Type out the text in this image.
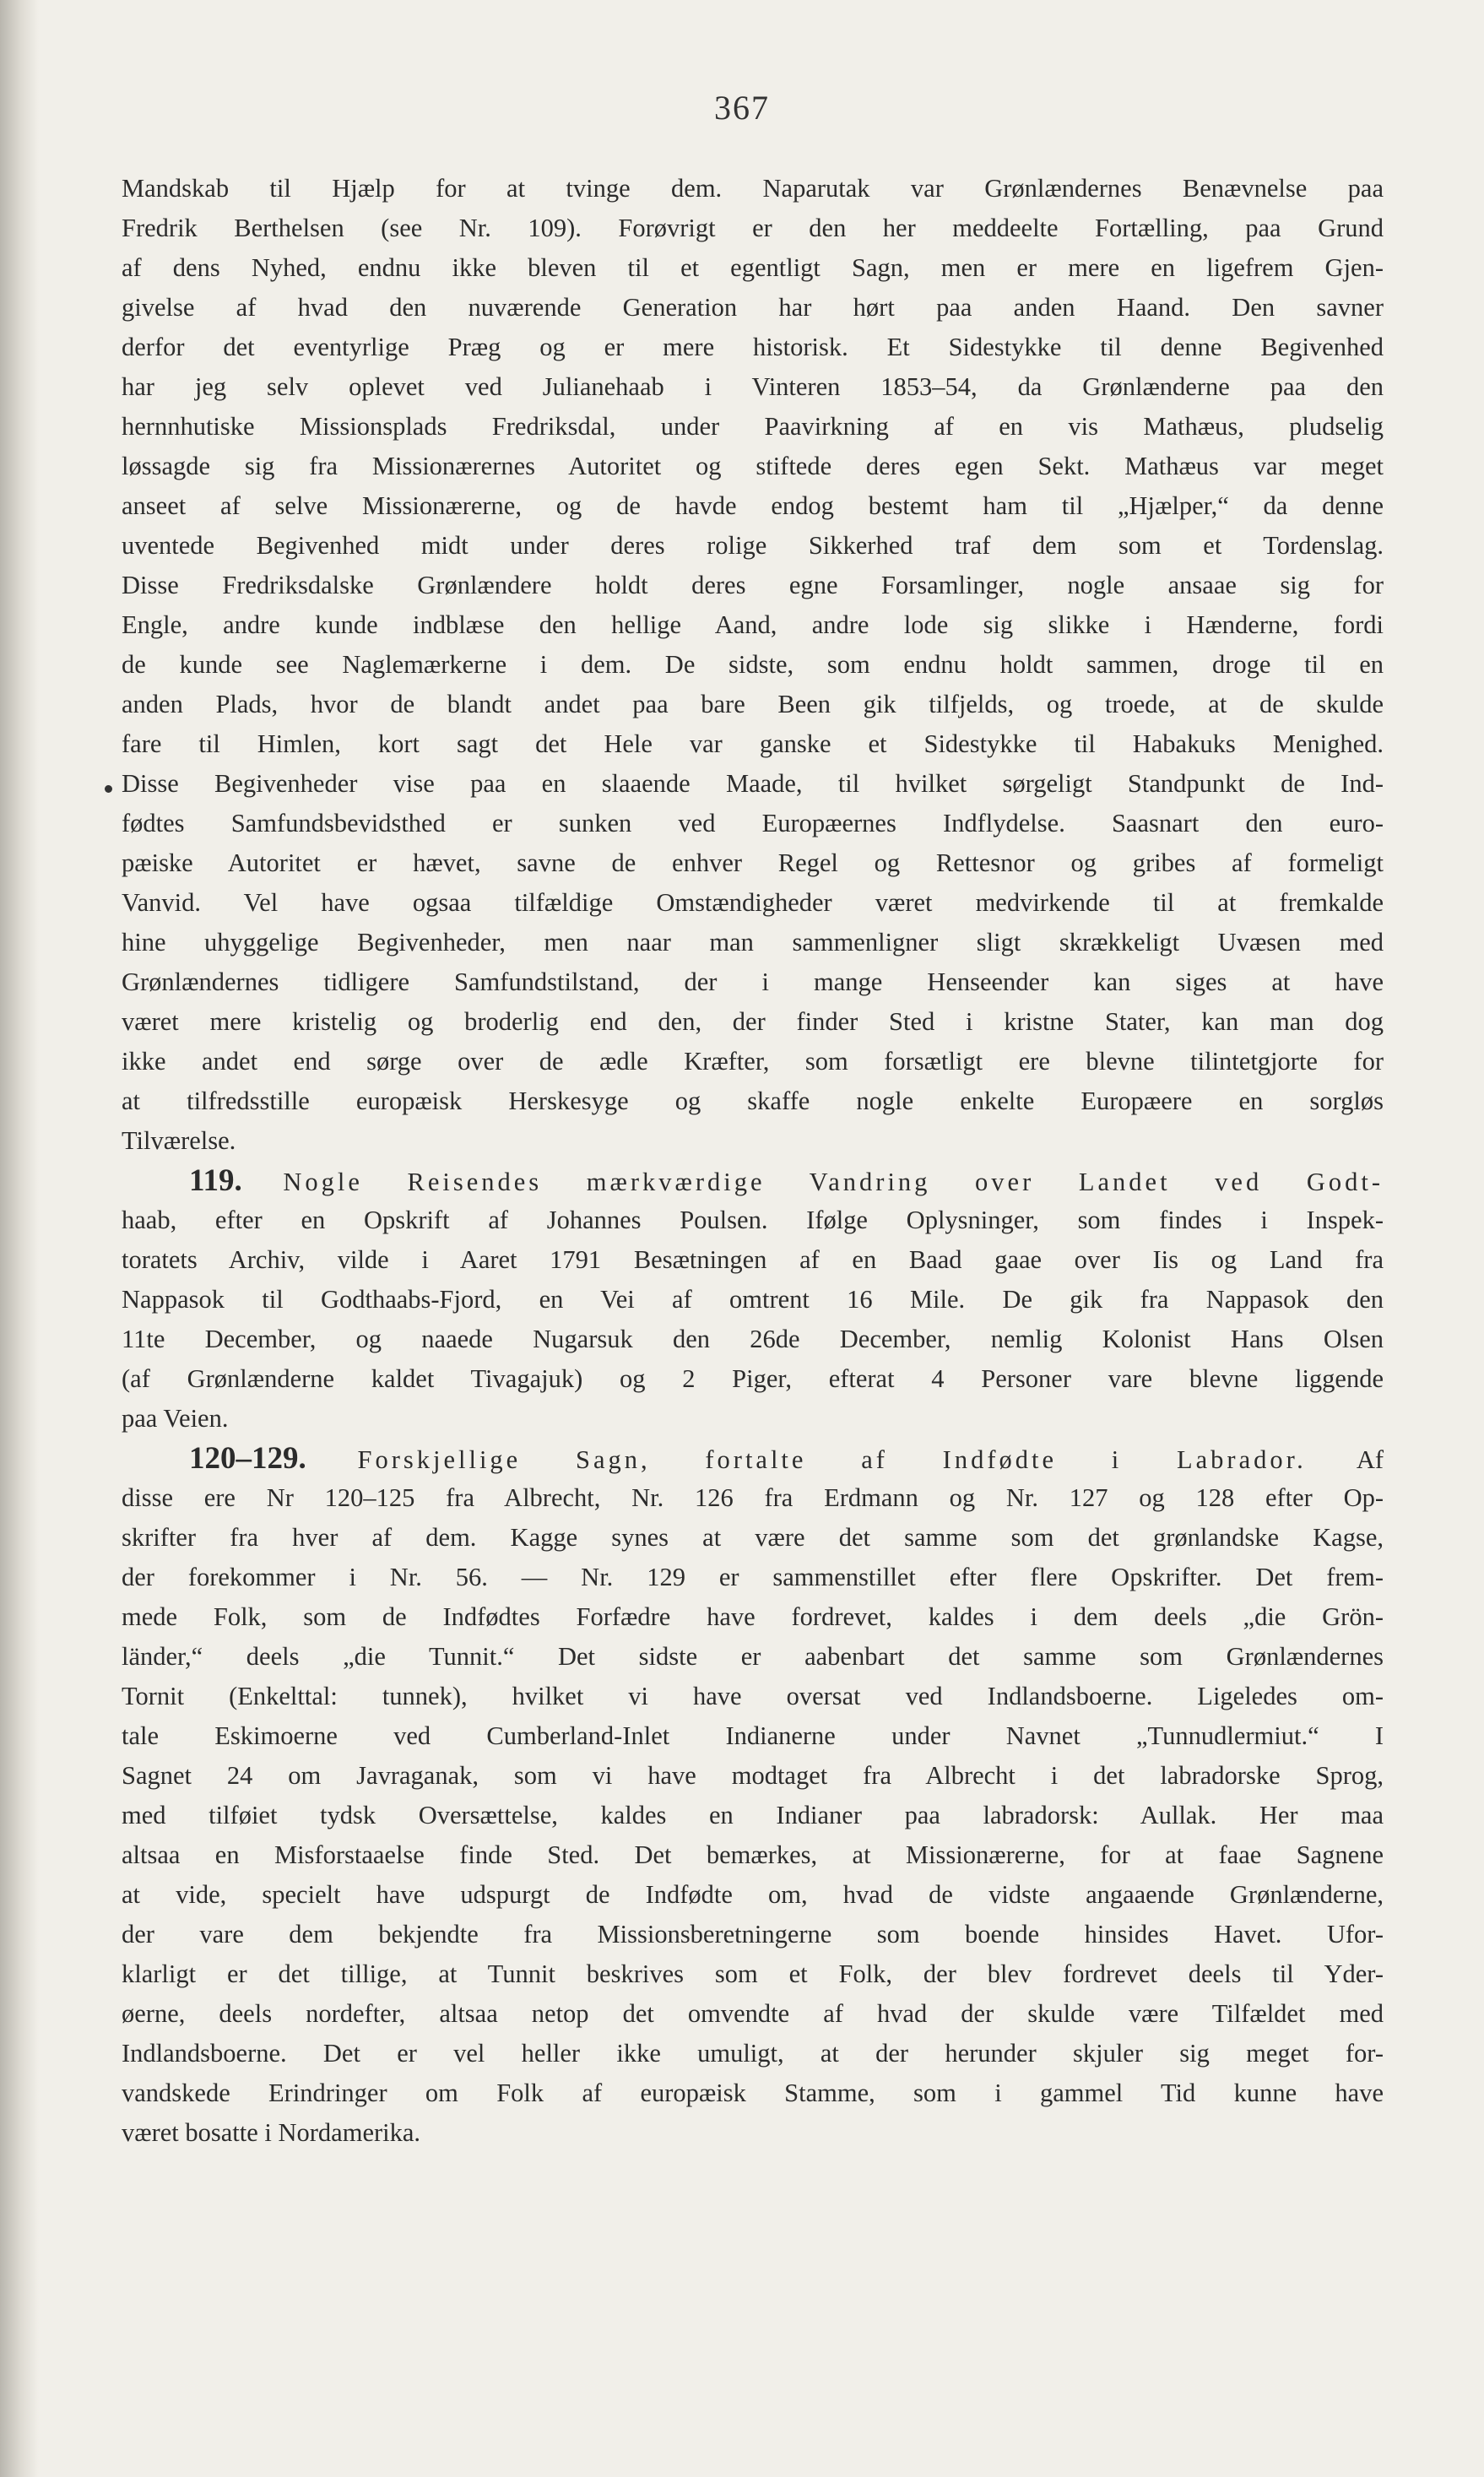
367
Mandskab til Hjælp for at tvinge dem. Naparutak var Grønlændernes Benævnelse paa
Fredrik Berthelsen (see Nr. 109). Forøvrigt er den her meddeelte Fortælling, paa Grund
af dens Nyhed, endnu ikke bleven til et egentligt Sagn, men er mere en ligefrem Gjen-
givelse af hvad den nuværende Generation har hørt paa anden Haand. Den savner
derfor det eventyrlige Præg og er mere historisk. Et Sidestykke til denne Begivenhed
har jeg selv oplevet ved Julianehaab i Vinteren 1853–54, da Grønlænderne paa den
hernnhutiske Missionsplads Fredriksdal, under Paavirkning af en vis Mathæus, pludselig
løssagde sig fra Missionærernes Autoritet og stiftede deres egen Sekt. Mathæus var meget
anseet af selve Missionærerne, og de havde endog bestemt ham til „Hjælper,“ da denne
uventede Begivenhed midt under deres rolige Sikkerhed traf dem som et Tordenslag.
Disse Fredriksdalske Grønlændere holdt deres egne Forsamlinger, nogle ansaae sig for
Engle, andre kunde indblæse den hellige Aand, andre lode sig slikke i Hænderne, fordi
de kunde see Naglemærkerne i dem. De sidste, som endnu holdt sammen, droge til en
anden Plads, hvor de blandt andet paa bare Been gik tilfjelds, og troede, at de skulde
fare til Himlen, kort sagt det Hele var ganske et Sidestykke til Habakuks Menighed.
Disse Begivenheder vise paa en slaaende Maade, til hvilket sørgeligt Standpunkt de Ind-
fødtes Samfundsbevidsthed er sunken ved Europæernes Indflydelse. Saasnart den euro-
pæiske Autoritet er hævet, savne de enhver Regel og Rettesnor og gribes af formeligt
Vanvid. Vel have ogsaa tilfældige Omstændigheder været medvirkende til at fremkalde
hine uhyggelige Begivenheder, men naar man sammenligner sligt skrækkeligt Uvæsen med
Grønlændernes tidligere Samfundstilstand, der i mange Henseender kan siges at have
været mere kristelig og broderlig end den, der finder Sted i kristne Stater, kan man dog
ikke andet end sørge over de ædle Kræfter, som forsætligt ere blevne tilintetgjorte for
at tilfredsstille europæisk Herskesyge og skaffe nogle enkelte Europæere en sorgløs
Tilværelse.
119. Nogle Reisendes mærkværdige Vandring over Landet ved Godt-
haab, efter en Opskrift af Johannes Poulsen. Ifølge Oplysninger, som findes i Inspek-
toratets Archiv, vilde i Aaret 1791 Besætningen af en Baad gaae over Iis og Land fra
Nappasok til Godthaabs-Fjord, en Vei af omtrent 16 Mile. De gik fra Nappasok den
11te December, og naaede Nugarsuk den 26de December, nemlig Kolonist Hans Olsen
(af Grønlænderne kaldet Tivagajuk) og 2 Piger, efterat 4 Personer vare blevne liggende
paa Veien.
120–129. Forskjellige Sagn, fortalte af Indfødte i Labrador. Af
disse ere Nr 120–125 fra Albrecht, Nr. 126 fra Erdmann og Nr. 127 og 128 efter Op-
skrifter fra hver af dem. Kagge synes at være det samme som det grønlandske Kagse,
der forekommer i Nr. 56. — Nr. 129 er sammenstillet efter flere Opskrifter. Det frem-
mede Folk, som de Indfødtes Forfædre have fordrevet, kaldes i dem deels „die Grön-
länder,“ deels „die Tunnit.“ Det sidste er aabenbart det samme som Grønlændernes
Tornit (Enkelttal: tunnek), hvilket vi have oversat ved Indlandsboerne. Ligeledes om-
tale Eskimoerne ved Cumberland-Inlet Indianerne under Navnet „Tunnudlermiut.“ I
Sagnet 24 om Javraganak, som vi have modtaget fra Albrecht i det labradorske Sprog,
med tilføiet tydsk Oversættelse, kaldes en Indianer paa labradorsk: Aullak. Her maa
altsaa en Misforstaaelse finde Sted. Det bemærkes, at Missionærerne, for at faae Sagnene
at vide, specielt have udspurgt de Indfødte om, hvad de vidste angaaende Grønlænderne,
der vare dem bekjendte fra Missionsberetningerne som boende hinsides Havet. Ufor-
klarligt er det tillige, at Tunnit beskrives som et Folk, der blev fordrevet deels til Yder-
øerne, deels nordefter, altsaa netop det omvendte af hvad der skulde være Tilfældet med
Indlandsboerne. Det er vel heller ikke umuligt, at der herunder skjuler sig meget for-
vandskede Erindringer om Folk af europæisk Stamme, som i gammel Tid kunne have
været bosatte i Nordamerika.
